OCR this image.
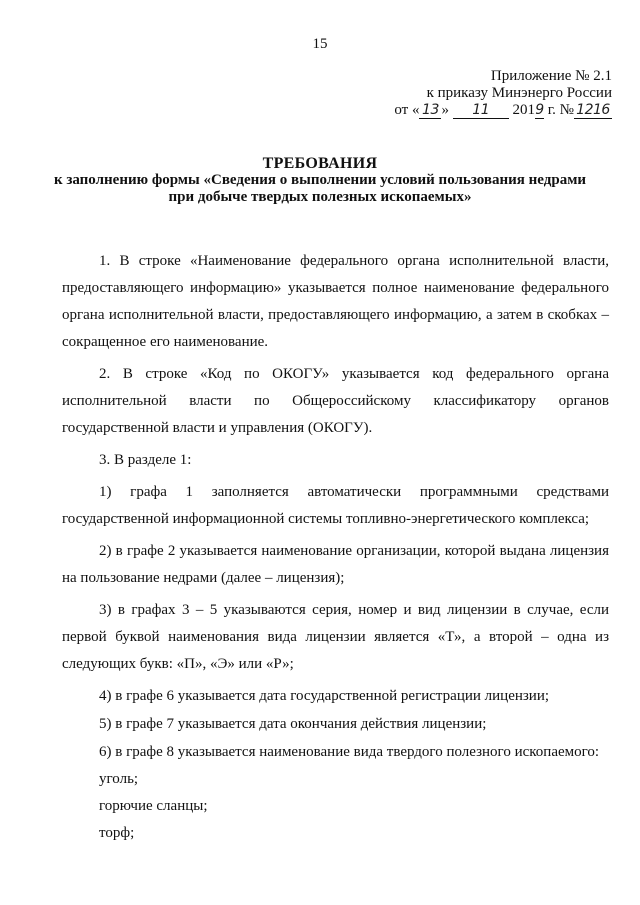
15
Приложение № 2.1
к приказу Минэнерго России
от « 13 » 11 2019 г. № 1216
ТРЕБОВАНИЯ
к заполнению формы «Сведения о выполнении условий пользования недрами
при добыче твердых полезных ископаемых»

1. В строке «Наименование федерального органа исполнительной власти, предоставляющего информацию» указывается полное наименование федерального органа исполнительной власти, предоставляющего информацию, а затем в скобках – сокращенное его наименование.

2. В строке «Код по ОКОГУ» указывается код федерального органа исполнительной власти по Общероссийскому классификатору органов государственной власти и управления (ОКОГУ).

3. В разделе 1:

1) графа 1 заполняется автоматически программными средствами государственной информационной системы топливно-энергетического комплекса;

2) в графе 2 указывается наименование организации, которой выдана лицензия на пользование недрами (далее – лицензия);

3) в графах 3 – 5 указываются серия, номер и вид лицензии в случае, если первой буквой наименования вида лицензии является «Т», а второй – одна из следующих букв: «П», «Э» или «Р»;

4) в графе 6 указывается дата государственной регистрации лицензии;

5) в графе 7 указывается дата окончания действия лицензии;

6) в графе 8 указывается наименование вида твердого полезного ископаемого:

уголь;

горючие сланцы;

торф;
